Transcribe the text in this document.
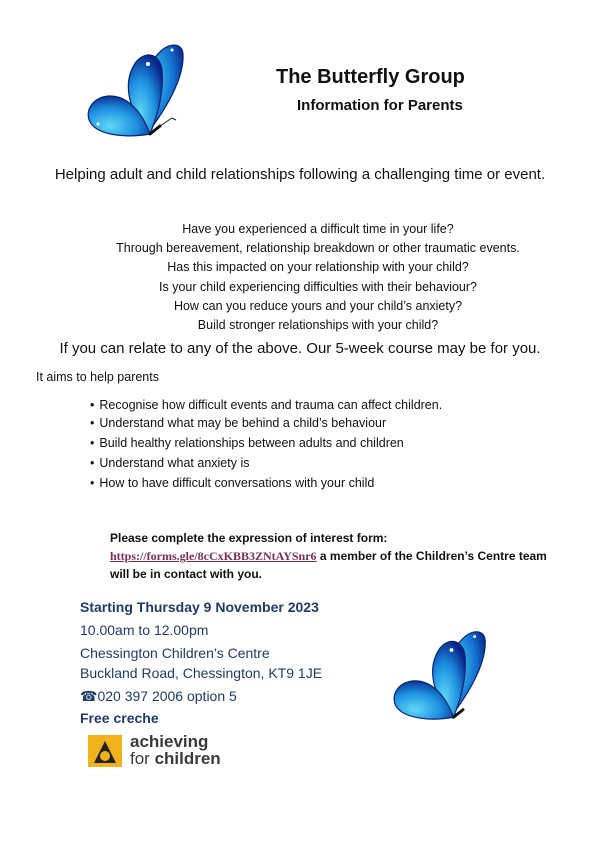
The Butterfly Group
Information for Parents
Helping adult and child relationships following a challenging time or event.
Have you experienced a difficult time in your life?
Through bereavement, relationship breakdown or other traumatic events.
Has this impacted on your relationship with your child?
Is your child experiencing difficulties with their behaviour?
How can you reduce yours and your child’s anxiety?
Build stronger relationships with your child?
If you can relate to any of the above. Our 5-week course may be for you.
It aims to help parents
• Recognise how difficult events and trauma can affect children.
• Understand what may be behind a child’s behaviour
• Build healthy relationships between adults and children
• Understand what anxiety is
• How to have difficult conversations with your child
Please complete the expression of interest form:
https://forms.gle/8cCxKBB3ZNtAYSnr6 a member of the Children’s Centre team
will be in contact with you.
Starting Thursday 9 November 2023
10.00am to 12.00pm
Chessington Children’s Centre
Buckland Road, Chessington, KT9 1JE
☎020 397 2006 option 5
Free creche
achieving
for children
